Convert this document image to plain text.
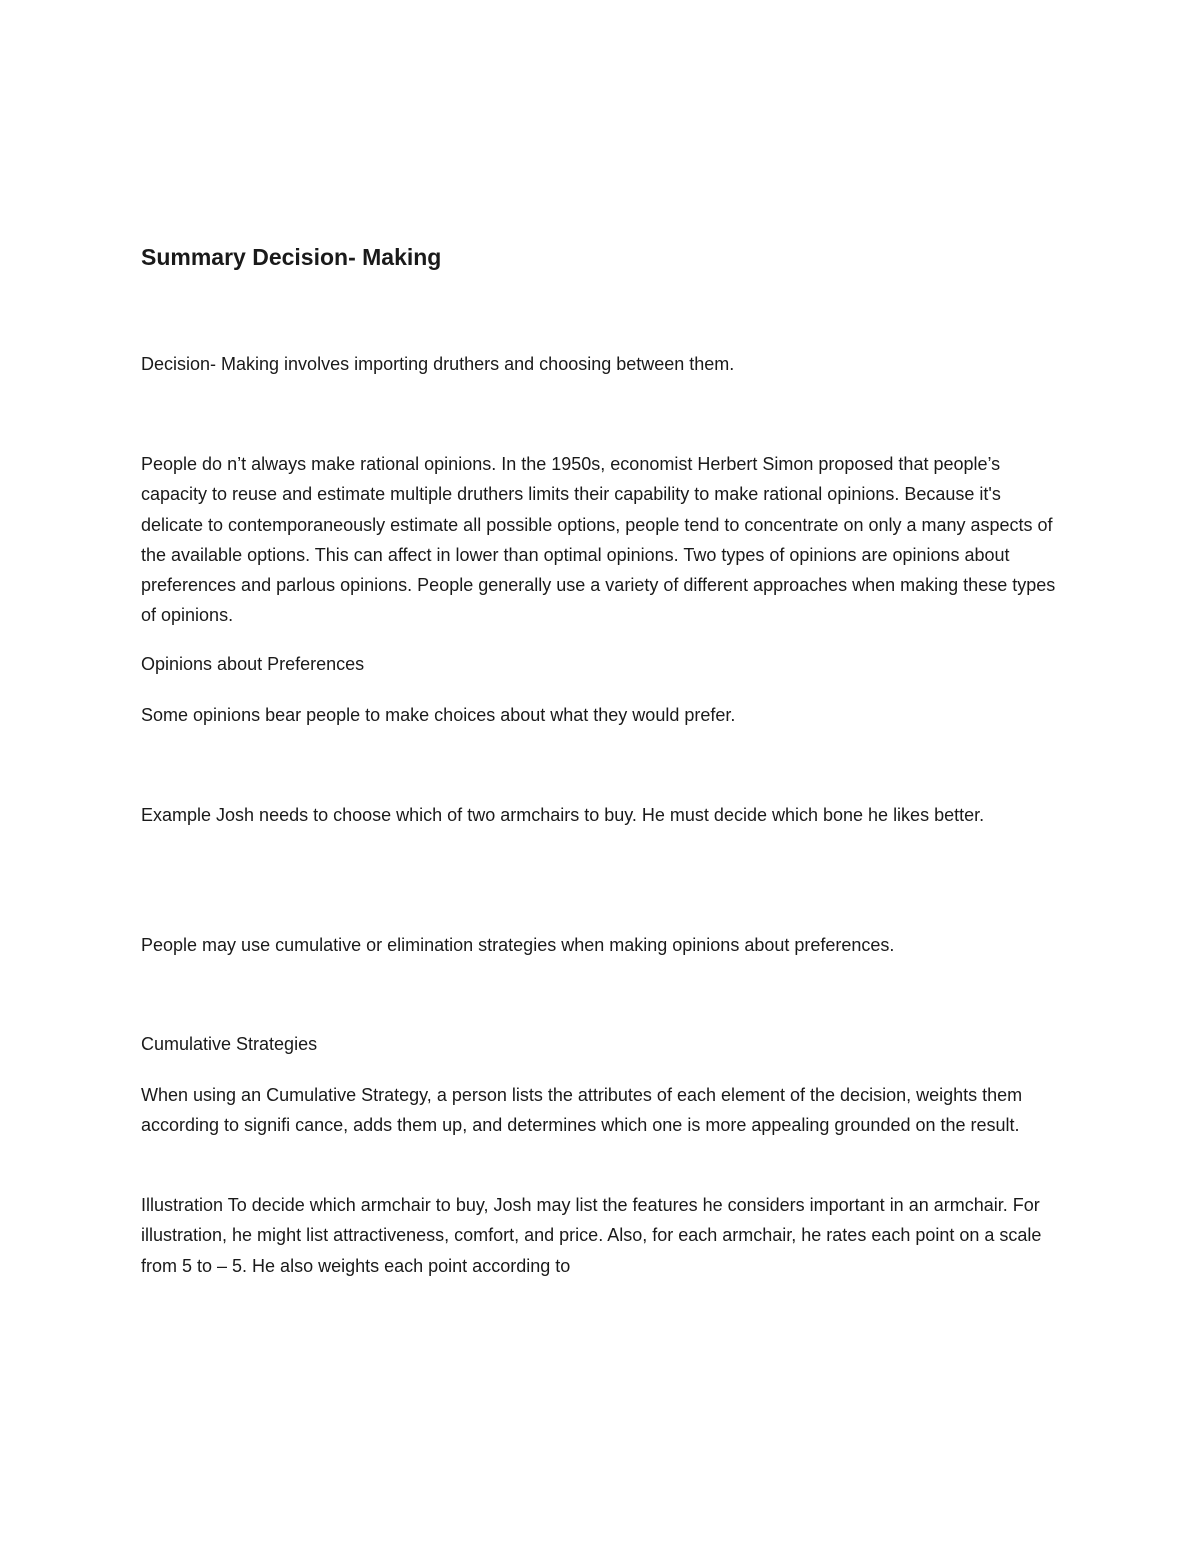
Summary Decision- Making

Decision- Making involves importing druthers and choosing between them.

People do n’t always make rational opinions. In the 1950s, economist Herbert Simon proposed that people’s capacity to reuse and estimate multiple druthers limits their capability to make rational opinions. Because it's delicate to contemporaneously estimate all possible options, people tend to concentrate on only a many aspects of the available options. This can affect in lower than optimal opinions. Two types of opinions are opinions about preferences and parlous opinions. People generally use a variety of different approaches when making these types of opinions.

Opinions about Preferences

Some opinions bear people to make choices about what they would prefer.

Example Josh needs to choose which of two armchairs to buy. He must decide which bone he likes better.

People may use cumulative or elimination strategies when making opinions about preferences.

Cumulative Strategies

When using an Cumulative Strategy, a person lists the attributes of each element of the decision, weights them according to signifi cance, adds them up, and determines which one is more appealing grounded on the result.

Illustration To decide which armchair to buy, Josh may list the features he considers important in an armchair. For illustration, he might list attractiveness, comfort, and price. Also, for each armchair, he rates each point on a scale from 5 to – 5. He also weights each point according to
